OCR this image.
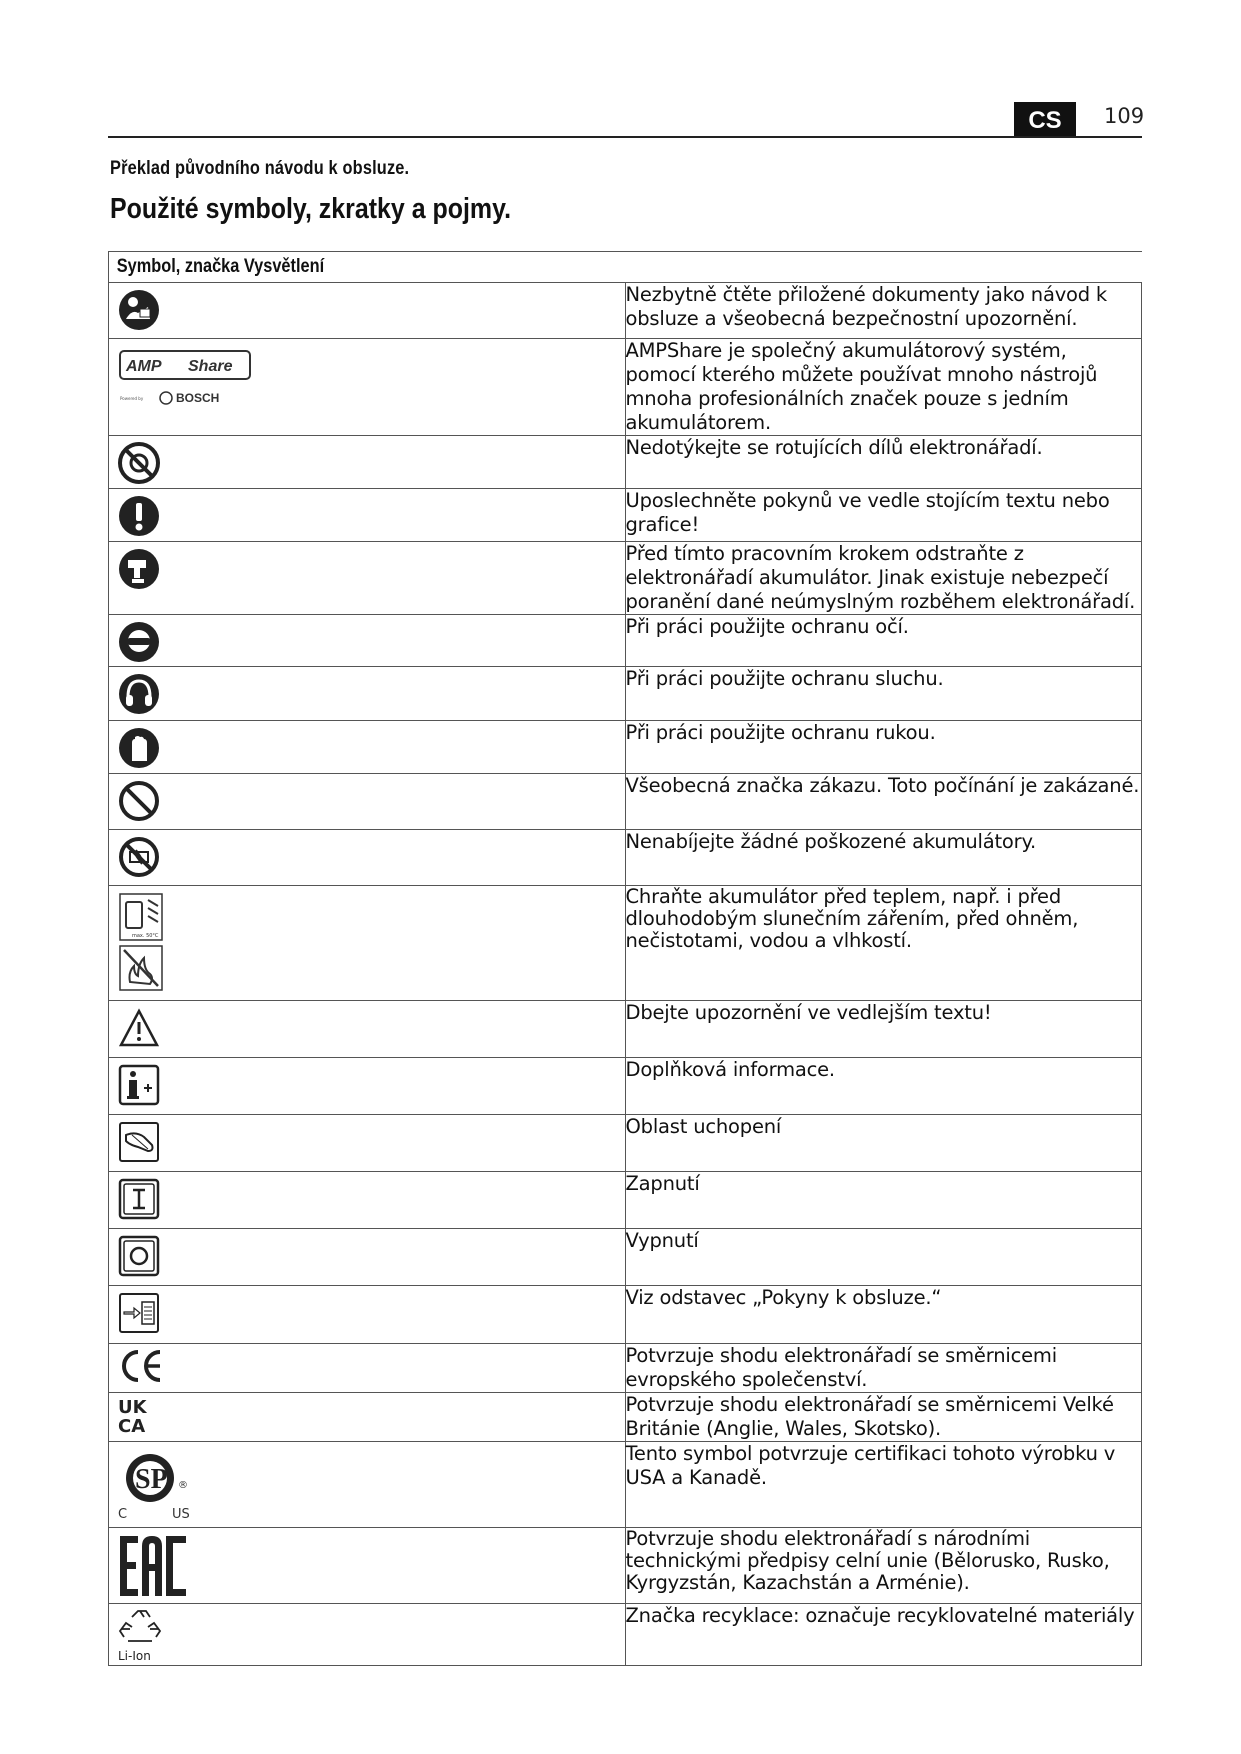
CS	109
Překlad původního návodu k obsluze.
Použité symboly, zkratky a pojmy.
Symbol, značka Vysvětlení	

	Nezbytně čtěte přiložené dokumenty jako návod k obsluze a všeobecná bezpečnostní upozornění.

AMP Share
Powered by BOSCH	AMPShare je společný akumulátorový systém, pomocí kterého můžete používat mnoho nástrojů mnoha profesionálních značek pouze s jedním akumulátorem.

	Nedotýkejte se rotujících dílů elektronářadí.

	Uposlechněte pokynů ve vedle stojícím textu nebo grafice!

	Před tímto pracovním krokem odstraňte z elektronářadí akumulátor. Jinak existuje nebezpečí poranění dané neúmyslným rozběhem elektronářadí.

	Při práci použijte ochranu očí.

	Při práci použijte ochranu sluchu.

	Při práci použijte ochranu rukou.

	Všeobecná značka zákazu. Toto počínání je zakázané.

	Nenabíjejte žádné poškozené akumulátory.

max. 50°C	Chraňte akumulátor před teplem, např. i před dlouhodobým slunečním zářením, před ohněm, nečistotami, vodou a vlhkostí.

	Dbejte upozornění ve vedlejším textu!

	Doplňková informace.

	Oblast uchopení

	Zapnutí

	Vypnutí

	Viz odstavec „Pokyny k obsluze.“

	Potvrzuje shodu elektronářadí se směrnicemi evropského společenství.

UK
CA	Potvrzuje shodu elektronářadí se směrnicemi Velké Británie (Anglie, Wales, Skotsko).

SP ®
C US	Tento symbol potvrzuje certifikaci tohoto výrobku v USA a Kanadě.

	Potvrzuje shodu elektronářadí s národními technickými předpisy celní unie (Bělorusko, Rusko, Kyrgyzstán, Kazachstán a Arménie).

Li-Ion	Značka recyklace: označuje recyklovatelné materiály
